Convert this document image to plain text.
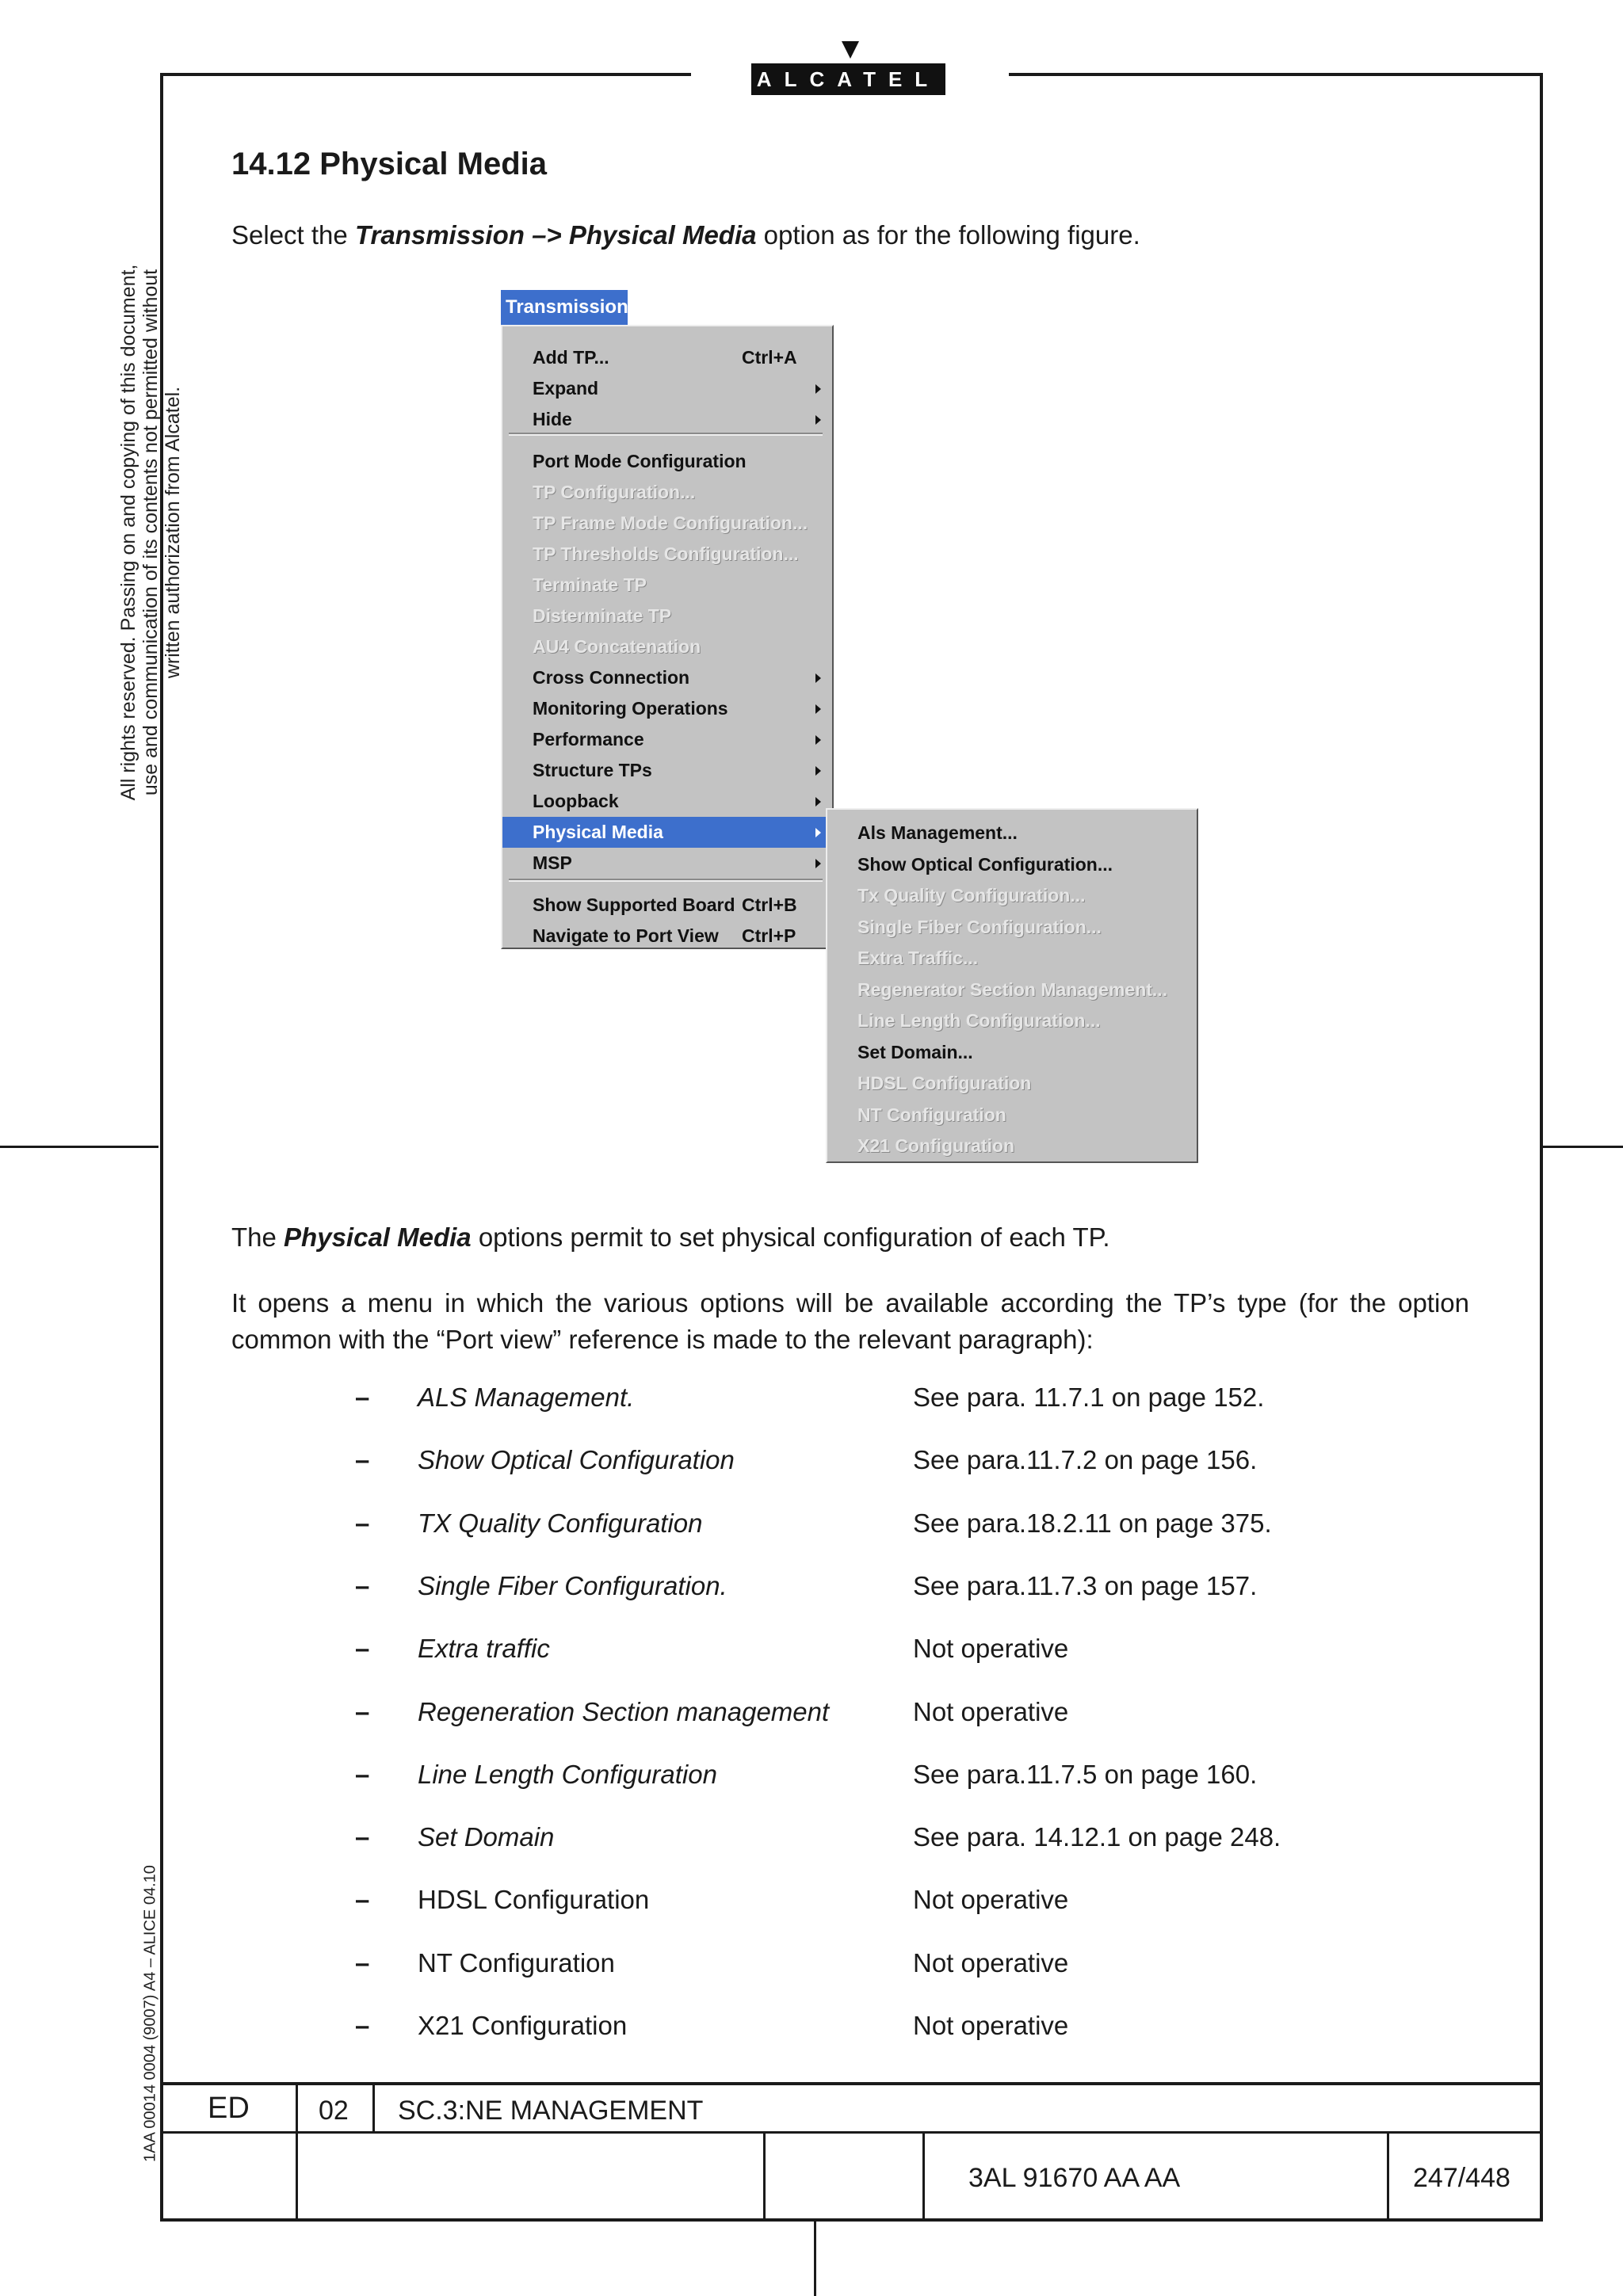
ALCATEL
All rights reserved. Passing on and copying of this document, use and communication of its contents not permitted without written authorization from Alcatel.
1AA 00014 0004 (9007) A4 – ALICE 04.10
14.12 Physical Media
Select the Transmission –> Physical Media option as for the following figure.
Transmission
Add TP...	Ctrl+A
Expand
Hide
Port Mode Configuration
TP Configuration...
TP Frame Mode Configuration...
TP Thresholds Configuration...
Terminate TP
Disterminate TP
AU4 Concatenation
Cross Connection
Monitoring Operations
Performance
Structure TPs
Loopback
Physical Media
MSP
Show Supported Board Ctrl+B
Navigate to Port View Ctrl+P
Als Management...
Show Optical Configuration...
Tx Quality Configuration...
Single Fiber Configuration...
Extra Traffic...
Regenerator Section Management...
Line Length Configuration...
Set Domain...
HDSL Configuration
NT Configuration
X21 Configuration
The Physical Media options permit to set physical configuration of each TP.
It opens a menu in which the various options will be available according the TP’s type (for the option common with the “Port view” reference is made to the relevant paragraph):
– ALS Management.	See para. 11.7.1 on page 152.
– Show Optical Configuration	See para.11.7.2 on page 156.
– TX Quality Configuration	See para.18.2.11 on page 375.
– Single Fiber Configuration.	See para.11.7.3 on page 157.
– Extra traffic	Not operative
– Regeneration Section management	Not operative
– Line Length Configuration	See para.11.7.5 on page 160.
– Set Domain	See para. 14.12.1 on page 248.
– HDSL Configuration	Not operative
– NT Configuration	Not operative
– X21 Configuration	Not operative
ED	02 SC.3:NE MANAGEMENT
3AL 91670 AA AA	247/448
